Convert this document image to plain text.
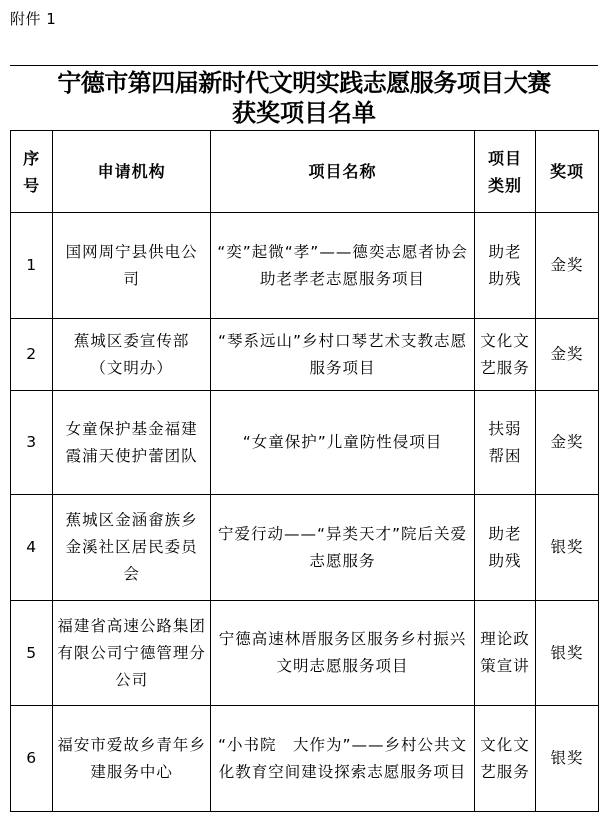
附件 1
宁德市第四届新时代文明实践志愿服务项目大赛
获奖项目名单
序号	申请机构	项目名称	项目类别	奖项
1	国网周宁县供电公司	“奕”起微“孝”——德奕志愿者协会助老孝老志愿服务项目	助老助残	金奖
2	蕉城区委宣传部（文明办）	“琴系远山”乡村口琴艺术支教志愿服务项目	文化文艺服务	金奖
3	女童保护基金福建霞浦天使护蕾团队	“女童保护”儿童防性侵项目	扶弱帮困	金奖
4	蕉城区金涵畲族乡金溪社区居民委员会	宁爱行动——“异类天才”院后关爱志愿服务	助老助残	银奖
5	福建省高速公路集团有限公司宁德管理分公司	宁德高速林厝服务区服务乡村振兴文明志愿服务项目	理论政策宣讲	银奖
6	福安市爱故乡青年乡建服务中心	“小书院　大作为”——乡村公共文化教育空间建设探索志愿服务项目	文化文艺服务	银奖
